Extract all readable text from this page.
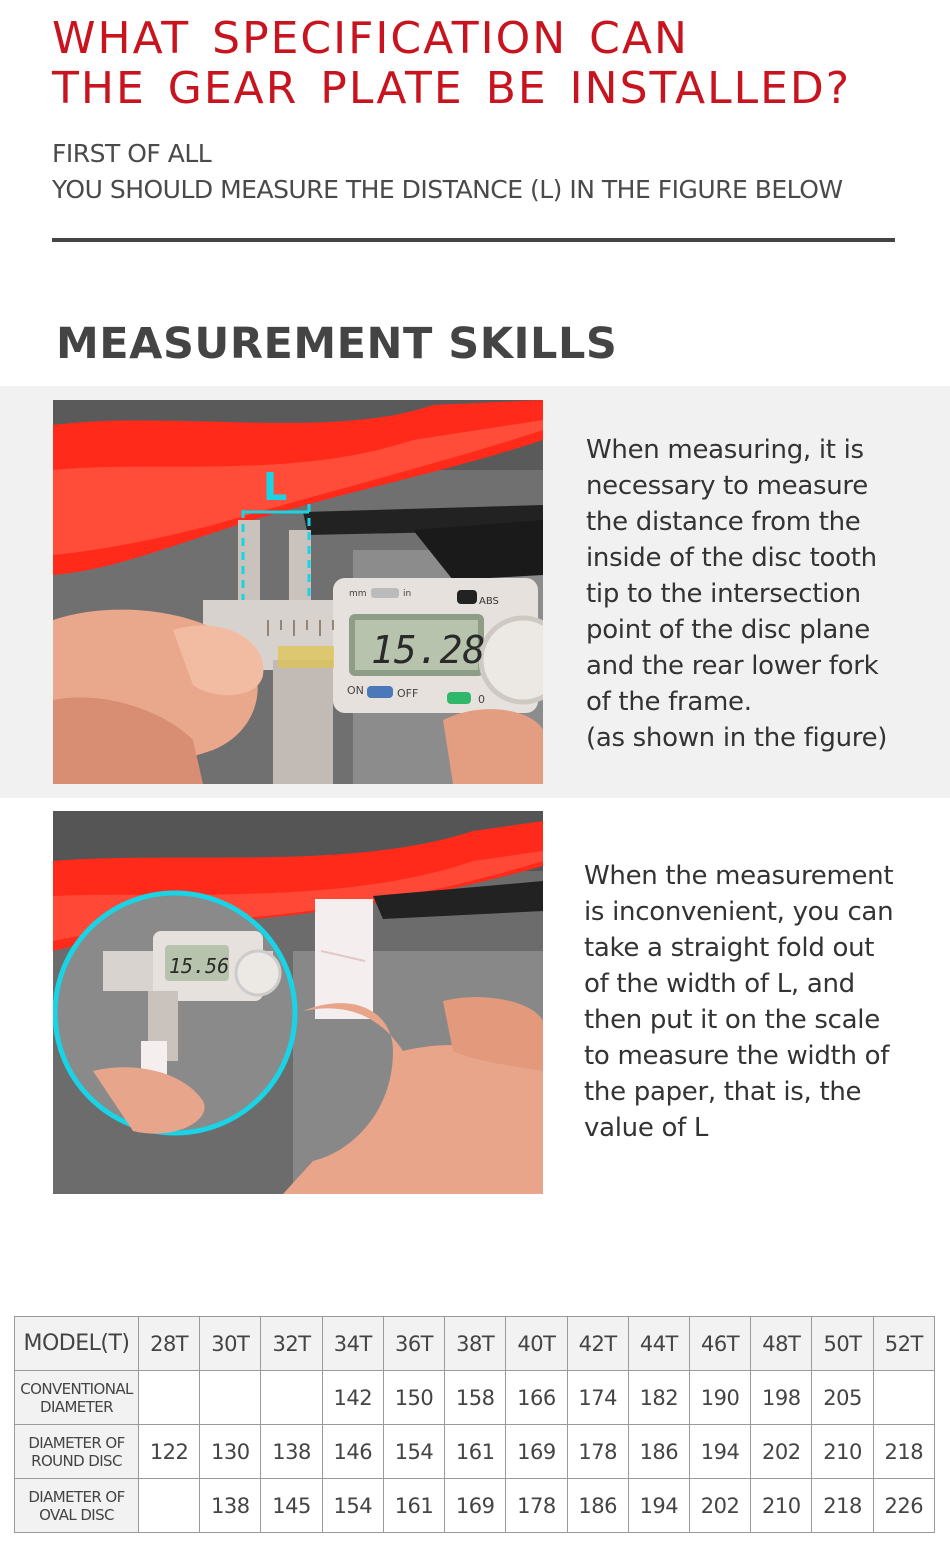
WHAT SPECIFICATION CAN
THE GEAR PLATE BE INSTALLED?
FIRST OF ALL
YOU SHOULD MEASURE THE DISTANCE (L) IN THE FIGURE BELOW
MEASUREMENT SKILLS
L
15.28
mm	in
ABS
ON	OFF	0

When measuring, it is
necessary to measure
the distance from the
inside of the disc tooth
tip to the intersection
point of the disc plane
and the rear lower fork
of the frame.
(as shown in the figure)

15.56

When the measurement
is inconvenient, you can
take a straight fold out
of the width of L, and
then put it on the scale
to measure the width of
the paper, that is, the
value of L

MODEL(T)	28T	30T	32T	34T	36T	38T	40T	42T	44T	46T	48T	50T	52T
CONVENTIONAL
DIAMETER				142	150	158	166	174	182	190	198	205	
DIAMETER OF
ROUND DISC	122	130	138	146	154	161	169	178	186	194	202	210	218
DIAMETER OF
OVAL DISC		138	145	154	161	169	178	186	194	202	210	218	226
